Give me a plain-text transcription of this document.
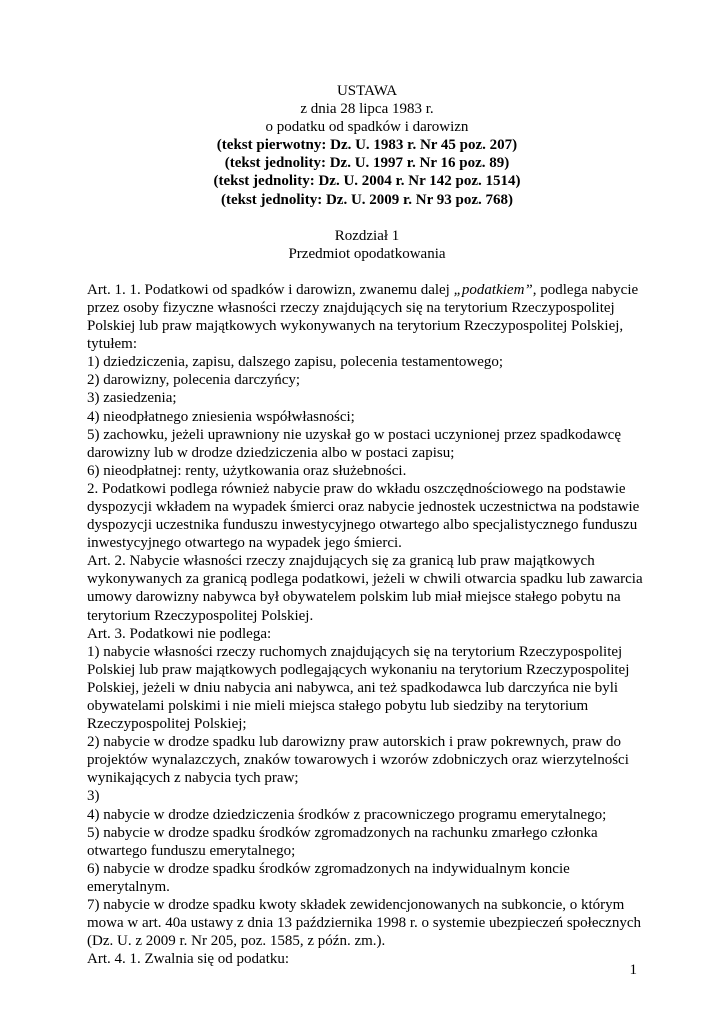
USTAWA
z dnia 28 lipca 1983 r.
o podatku od spadków i darowizn
(tekst pierwotny: Dz. U. 1983 r. Nr 45 poz. 207)
(tekst jednolity: Dz. U. 1997 r. Nr 16 poz. 89)
(tekst jednolity: Dz. U. 2004 r. Nr 142 poz. 1514)
(tekst jednolity: Dz. U. 2009 r. Nr 93 poz. 768)
Rozdział 1
Przedmiot opodatkowania

Art. 1. 1. Podatkowi od spadków i darowizn, zwanemu dalej „podatkiem”, podlega nabycie przez osoby fizyczne własności rzeczy znajdujących się na terytorium Rzeczypospolitej Polskiej lub praw majątkowych wykonywanych na terytorium Rzeczypospolitej Polskiej, tytułem:

1) dziedziczenia, zapisu, dalszego zapisu, polecenia testamentowego;

2) darowizny, polecenia darczyńcy;

3) zasiedzenia;

4) nieodpłatnego zniesienia współwłasności;

5) zachowku, jeżeli uprawniony nie uzyskał go w postaci uczynionej przez spadkodawcę darowizny lub w drodze dziedziczenia albo w postaci zapisu;

6) nieodpłatnej: renty, użytkowania oraz służebności.

2. Podatkowi podlega również nabycie praw do wkładu oszczędnościowego na podstawie dyspozycji wkładem na wypadek śmierci oraz nabycie jednostek uczestnictwa na podstawie dyspozycji uczestnika funduszu inwestycyjnego otwartego albo specjalistycznego funduszu inwestycyjnego otwartego na wypadek jego śmierci.

Art. 2. Nabycie własności rzeczy znajdujących się za granicą lub praw majątkowych wykonywanych za granicą podlega podatkowi, jeżeli w chwili otwarcia spadku lub zawarcia umowy darowizny nabywca był obywatelem polskim lub miał miejsce stałego pobytu na terytorium Rzeczypospolitej Polskiej.

Art. 3. Podatkowi nie podlega:

1) nabycie własności rzeczy ruchomych znajdujących się na terytorium Rzeczypospolitej Polskiej lub praw majątkowych podlegających wykonaniu na terytorium Rzeczypospolitej Polskiej, jeżeli w dniu nabycia ani nabywca, ani też spadkodawca lub darczyńca nie byli obywatelami polskimi i nie mieli miejsca stałego pobytu lub siedziby na terytorium Rzeczypospolitej Polskiej;

2) nabycie w drodze spadku lub darowizny praw autorskich i praw pokrewnych, praw do projektów wynalazczych, znaków towarowych i wzorów zdobniczych oraz wierzytelności wynikających z nabycia tych praw;

3)

4) nabycie w drodze dziedziczenia środków z pracowniczego programu emerytalnego;

5) nabycie w drodze spadku środków zgromadzonych na rachunku zmarłego członka otwartego funduszu emerytalnego;

6) nabycie w drodze spadku środków zgromadzonych na indywidualnym koncie emerytalnym.

7) nabycie w drodze spadku kwoty składek zewidencjonowanych na subkoncie, o którym mowa w art. 40a ustawy z dnia 13 października 1998 r. o systemie ubezpieczeń społecznych (Dz. U. z 2009 r. Nr 205, poz. 1585, z późn. zm.).

Art. 4. 1. Zwalnia się od podatku:

1
